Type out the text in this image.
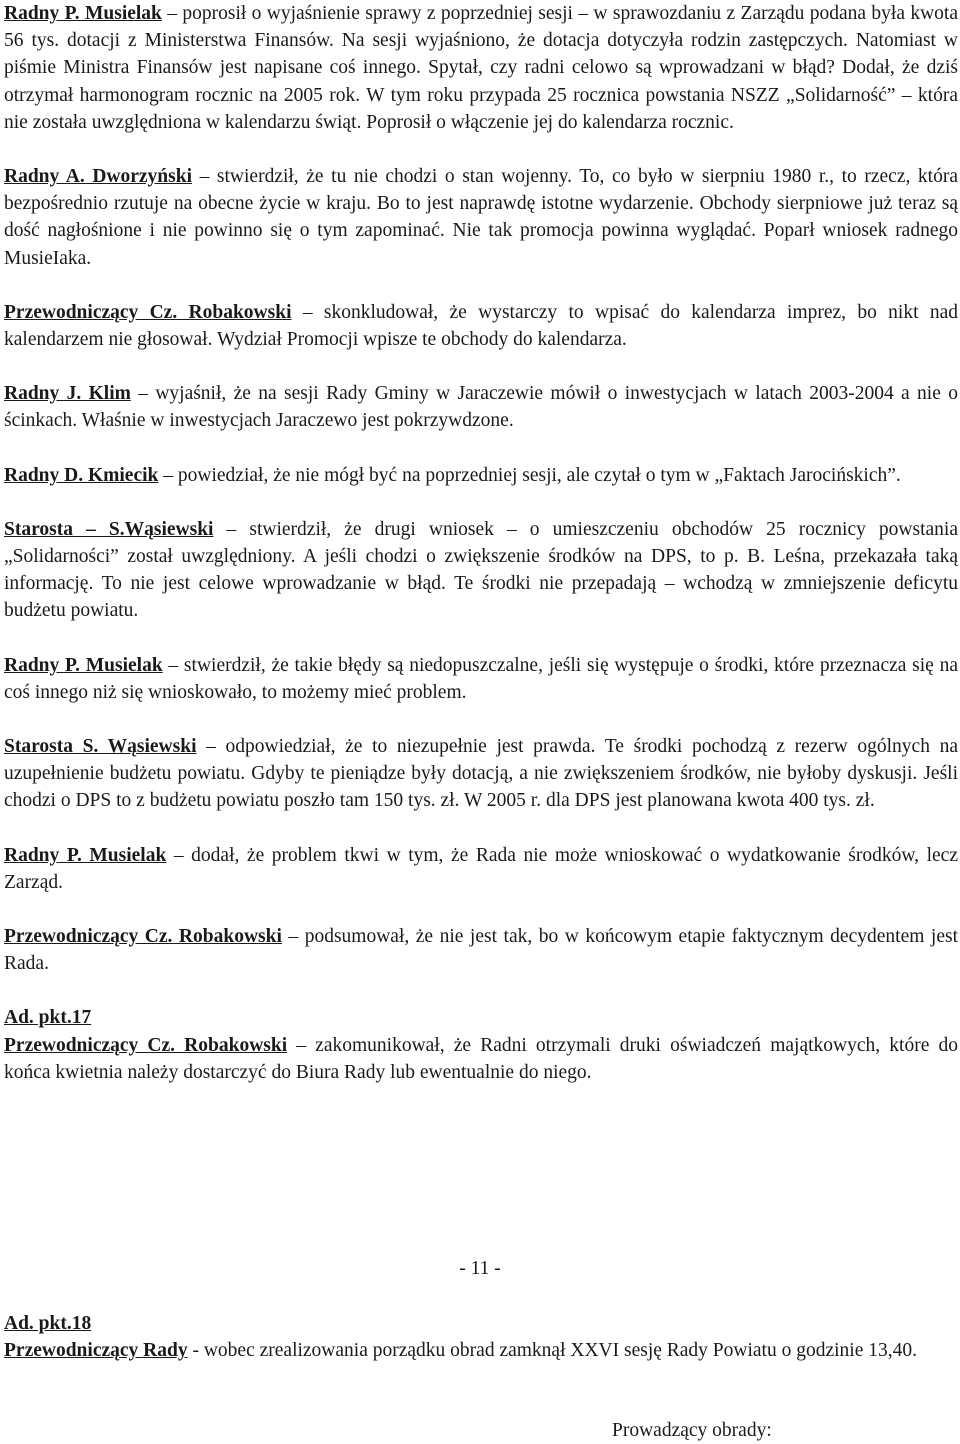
Radny P. Musielak – poprosił o wyjaśnienie sprawy z poprzedniej sesji – w sprawozdaniu z Zarządu podana była kwota 56 tys. dotacji z Ministerstwa Finansów. Na sesji wyjaśniono, że dotacja dotyczyła rodzin zastępczych. Natomiast w piśmie Ministra Finansów jest napisane coś innego. Spytał, czy radni celowo są wprowadzani w błąd? Dodał, że dziś otrzymał harmonogram rocznic na 2005 rok. W tym roku przypada 25 rocznica powstania NSZZ „Solidarność” – która nie została uwzględniona w kalendarzu świąt. Poprosił o włączenie jej do kalendarza rocznic.

Radny A. Dworzyński – stwierdził, że tu nie chodzi o stan wojenny. To, co było w sierpniu 1980 r., to rzecz, która bezpośrednio rzutuje na obecne życie w kraju. Bo to jest naprawdę istotne wydarzenie. Obchody sierpniowe już teraz są dość nagłośnione i nie powinno się o tym zapominać. Nie tak promocja powinna wyglądać. Poparł wniosek radnego MusieIaka.

Przewodniczący Cz. Robakowski – skonkludował, że wystarczy to wpisać do kalendarza imprez, bo nikt nad kalendarzem nie głosował. Wydział Promocji wpisze te obchody do kalendarza.

Radny J. Klim – wyjaśnił, że na sesji Rady Gminy w Jaraczewie mówił o inwestycjach w latach 2003-2004 a nie o ścinkach. Właśnie w inwestycjach Jaraczewo jest pokrzywdzone.

Radny D. Kmiecik – powiedział, że nie mógł być na poprzedniej sesji, ale czytał o tym w „Faktach Jarocińskich”.

Starosta – S.Wąsiewski – stwierdził, że drugi wniosek – o umieszczeniu obchodów 25 rocznicy powstania „Solidarności” został uwzględniony. A jeśli chodzi o zwiększenie środków na DPS, to p. B. Leśna, przekazała taką informację. To nie jest celowe wprowadzanie w błąd. Te środki nie przepadają – wchodzą w zmniejszenie deficytu budżetu powiatu.

Radny P. Musielak – stwierdził, że takie błędy są niedopuszczalne, jeśli się występuje o środki, które przeznacza się na coś innego niż się wnioskowało, to możemy mieć problem.

Starosta S. Wąsiewski – odpowiedział, że to niezupełnie jest prawda. Te środki pochodzą z rezerw ogólnych na uzupełnienie budżetu powiatu. Gdyby te pieniądze były dotacją, a nie zwiększeniem środków, nie byłoby dyskusji. Jeśli chodzi o DPS to z budżetu powiatu poszło tam 150 tys. zł. W 2005 r. dla DPS jest planowana kwota 400 tys. zł.

Radny P. Musielak – dodał, że problem tkwi w tym, że Rada nie może wnioskować o wydatkowanie środków, lecz Zarząd.

Przewodniczący Cz. Robakowski – podsumował, że nie jest tak, bo w końcowym etapie faktycznym decydentem jest Rada.

Ad. pkt.17

Przewodniczący Cz. Robakowski – zakomunikował, że Radni otrzymali druki oświadczeń majątkowych, które do końca kwietnia należy dostarczyć do Biura Rady lub ewentualnie do niego.

- 11 -
Ad. pkt.18

Przewodniczący Rady - wobec zrealizowania porządku obrad zamknął XXVI sesję Rady Powiatu o godzinie 13,40.

Prowadzący obrady:
